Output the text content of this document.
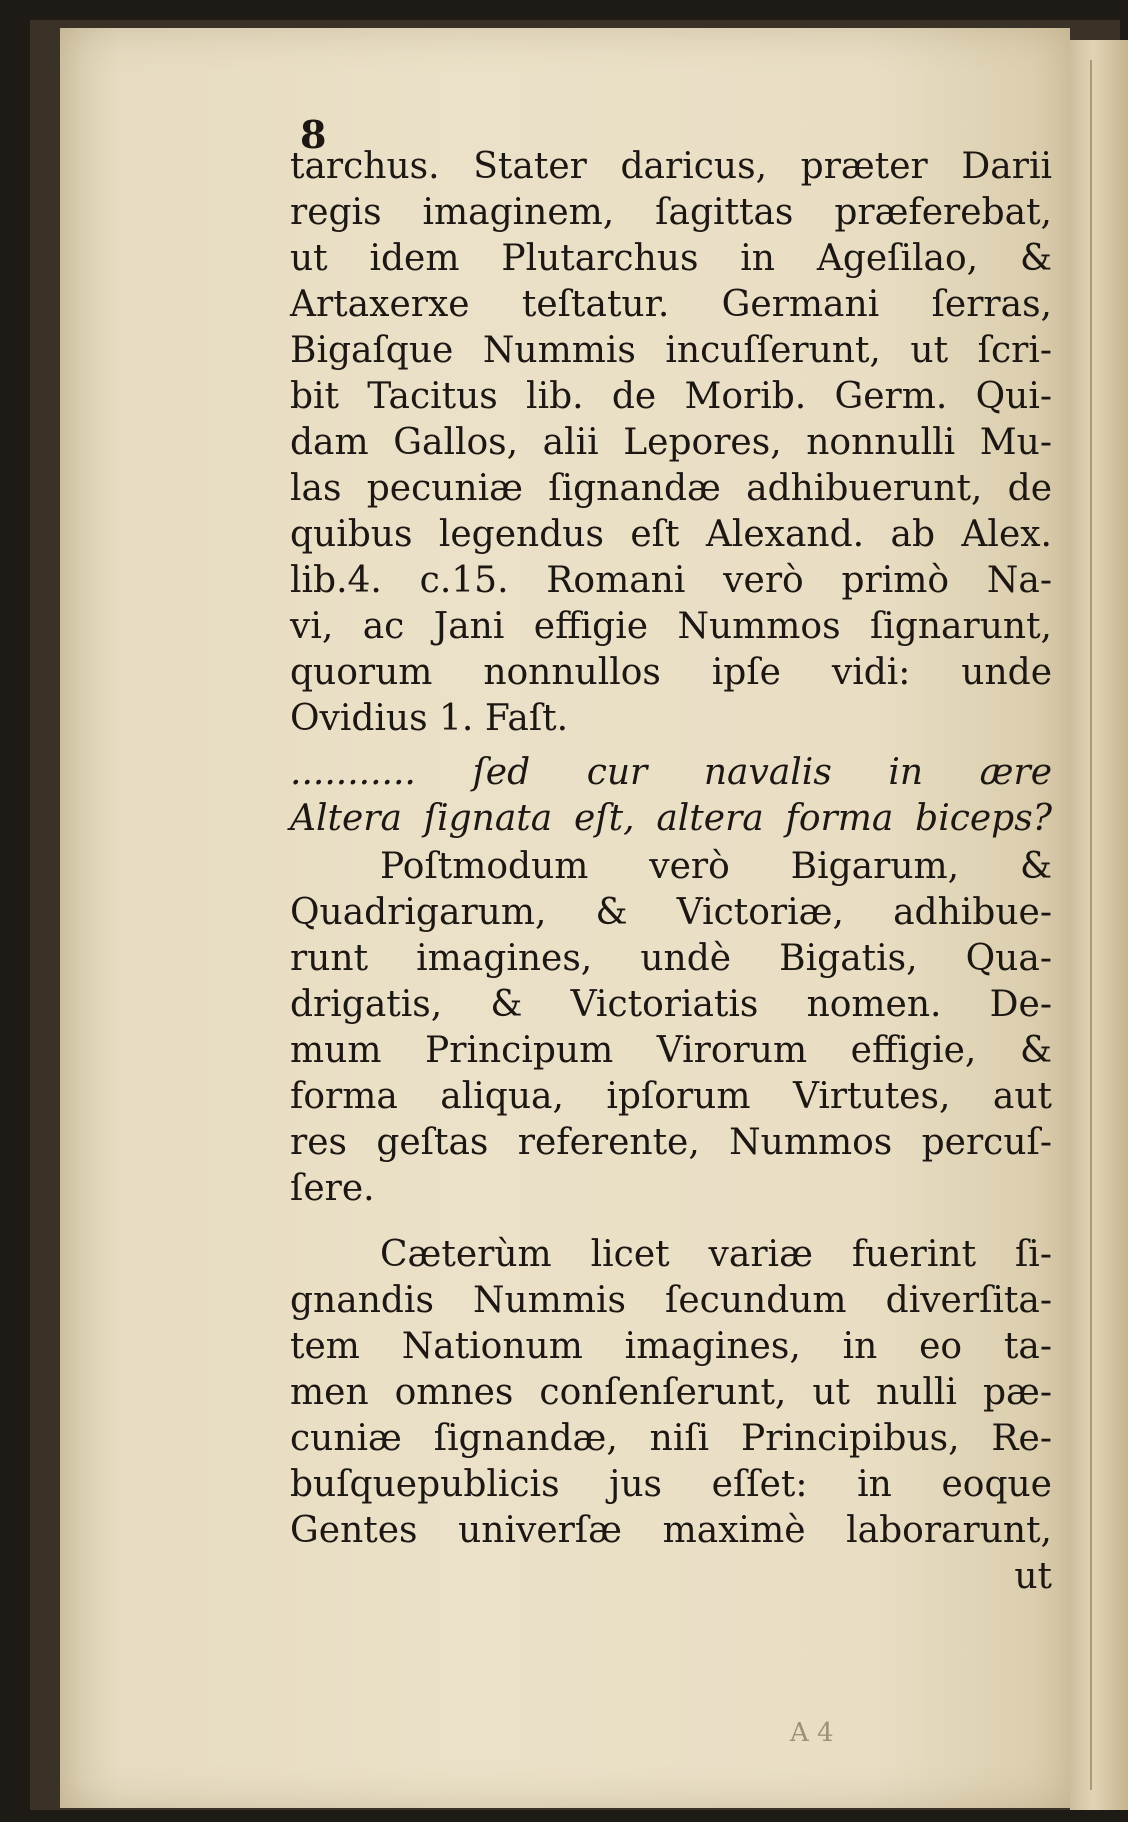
8
tarchus. Stater daricus, præter Darii
regis imaginem, ſagittas præferebat,
ut idem Plutarchus in Ageſilao, &
Artaxerxe teſtatur. Germani ſerras,
Bigaſque Nummis incuſſerunt, ut ſcri-
bit Tacitus lib. de Morib. Germ. Qui-
dam Gallos, alii Lepores, nonnulli Mu-
las pecuniæ ſignandæ adhibuerunt, de
quibus legendus eſt Alexand. ab Alex.
lib.4. c.15. Romani verò primò Na-
vi, ac Jani effigie Nummos ſignarunt,
quorum nonnullos ipſe vidi: unde
Ovidius 1. Faſt.
........... ſed cur navalis in ære
Altera ſignata eſt, altera forma biceps?
Poſtmodum verò Bigarum, &
Quadrigarum, & Victoriæ, adhibue-
runt imagines, undè Bigatis, Qua-
drigatis, & Victoriatis nomen. De-
mum Principum Virorum effigie, &
forma aliqua, ipſorum Virtutes, aut
res geſtas referente, Nummos percuſ-
ſere.
Cæterùm licet variæ fuerint ſi-
gnandis Nummis ſecundum diverſita-
tem Nationum imagines, in eo ta-
men omnes conſenſerunt, ut nulli pæ-
cuniæ ſignandæ, niſi Principibus, Re-
buſquepublicis jus eſſet: in eoque
Gentes univerſæ maximè laborarunt,
ut
A 4
